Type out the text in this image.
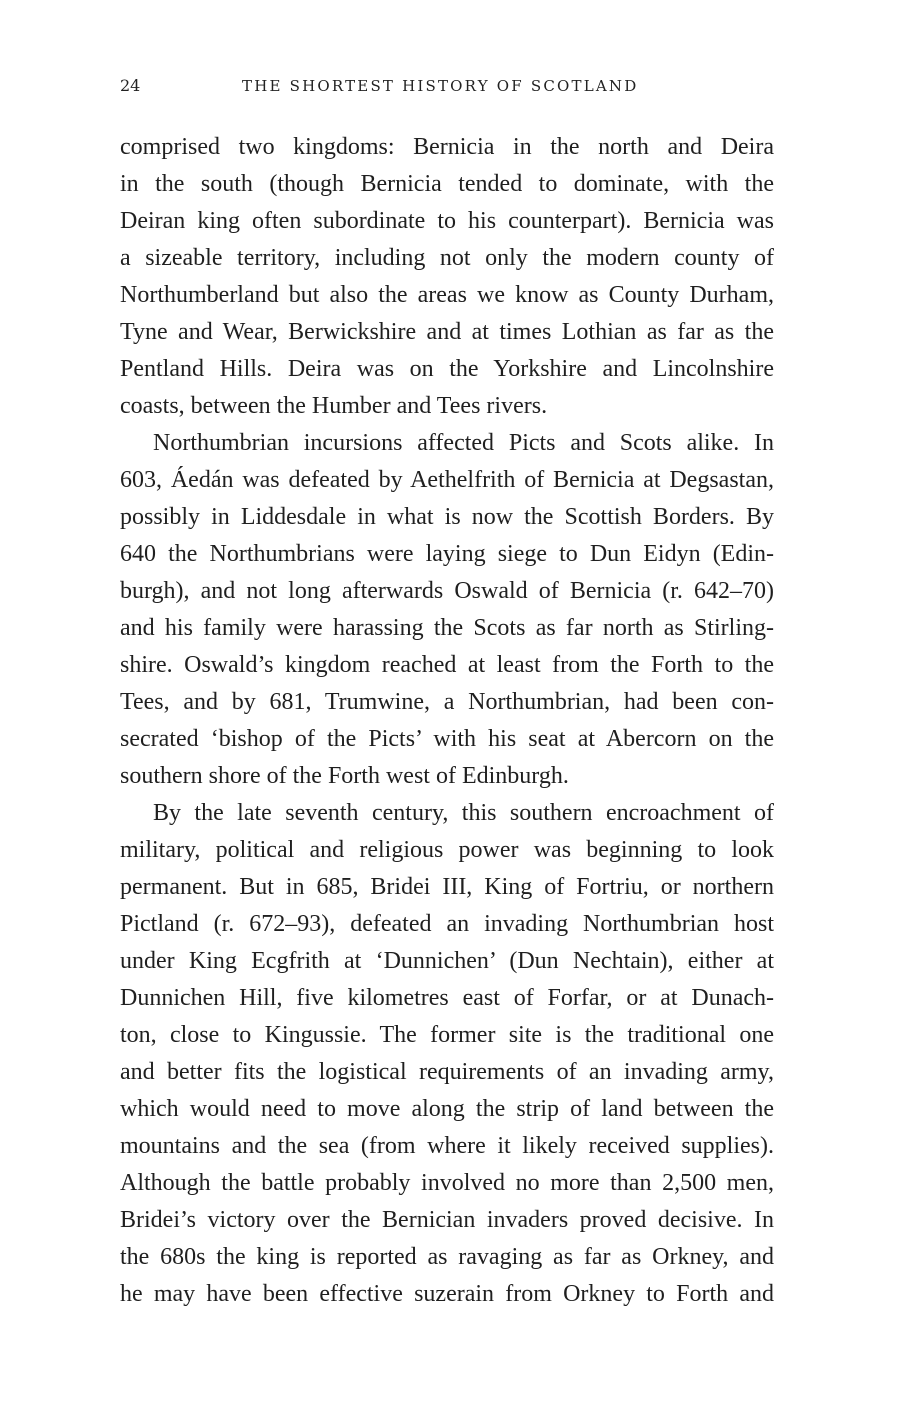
24	THE SHORTEST HISTORY OF SCOTLAND
comprised two kingdoms: Bernicia in the north and Deira
in the south (though Bernicia tended to dominate, with the
Deiran king often subordinate to his counterpart). Bernicia was
a sizeable territory, including not only the modern county of
Northumberland but also the areas we know as County Durham,
Tyne and Wear, Berwickshire and at times Lothian as far as the
Pentland Hills. Deira was on the Yorkshire and Lincolnshire
coasts, between the Humber and Tees rivers.
Northumbrian incursions affected Picts and Scots alike. In
603, Áedán was defeated by Aethelfrith of Bernicia at Degsastan,
possibly in Liddesdale in what is now the Scottish Borders. By
640 the Northumbrians were laying siege to Dun Eidyn (Edin-
burgh), and not long afterwards Oswald of Bernicia (r. 642–70)
and his family were harassing the Scots as far north as Stirling-
shire. Oswald’s kingdom reached at least from the Forth to the
Tees, and by 681, Trumwine, a Northumbrian, had been con-
secrated ‘bishop of the Picts’ with his seat at Abercorn on the
southern shore of the Forth west of Edinburgh.
By the late seventh century, this southern encroachment of
military, political and religious power was beginning to look
permanent. But in 685, Bridei III, King of Fortriu, or northern
Pictland (r. 672–93), defeated an invading Northumbrian host
under King Ecgfrith at ‘Dunnichen’ (Dun Nechtain), either at
Dunnichen Hill, five kilometres east of Forfar, or at Dunach-
ton, close to Kingussie. The former site is the traditional one
and better fits the logistical requirements of an invading army,
which would need to move along the strip of land between the
mountains and the sea (from where it likely received supplies).
Although the battle probably involved no more than 2,500 men,
Bridei’s victory over the Bernician invaders proved decisive. In
the 680s the king is reported as ravaging as far as Orkney, and
he may have been effective suzerain from Orkney to Forth and
